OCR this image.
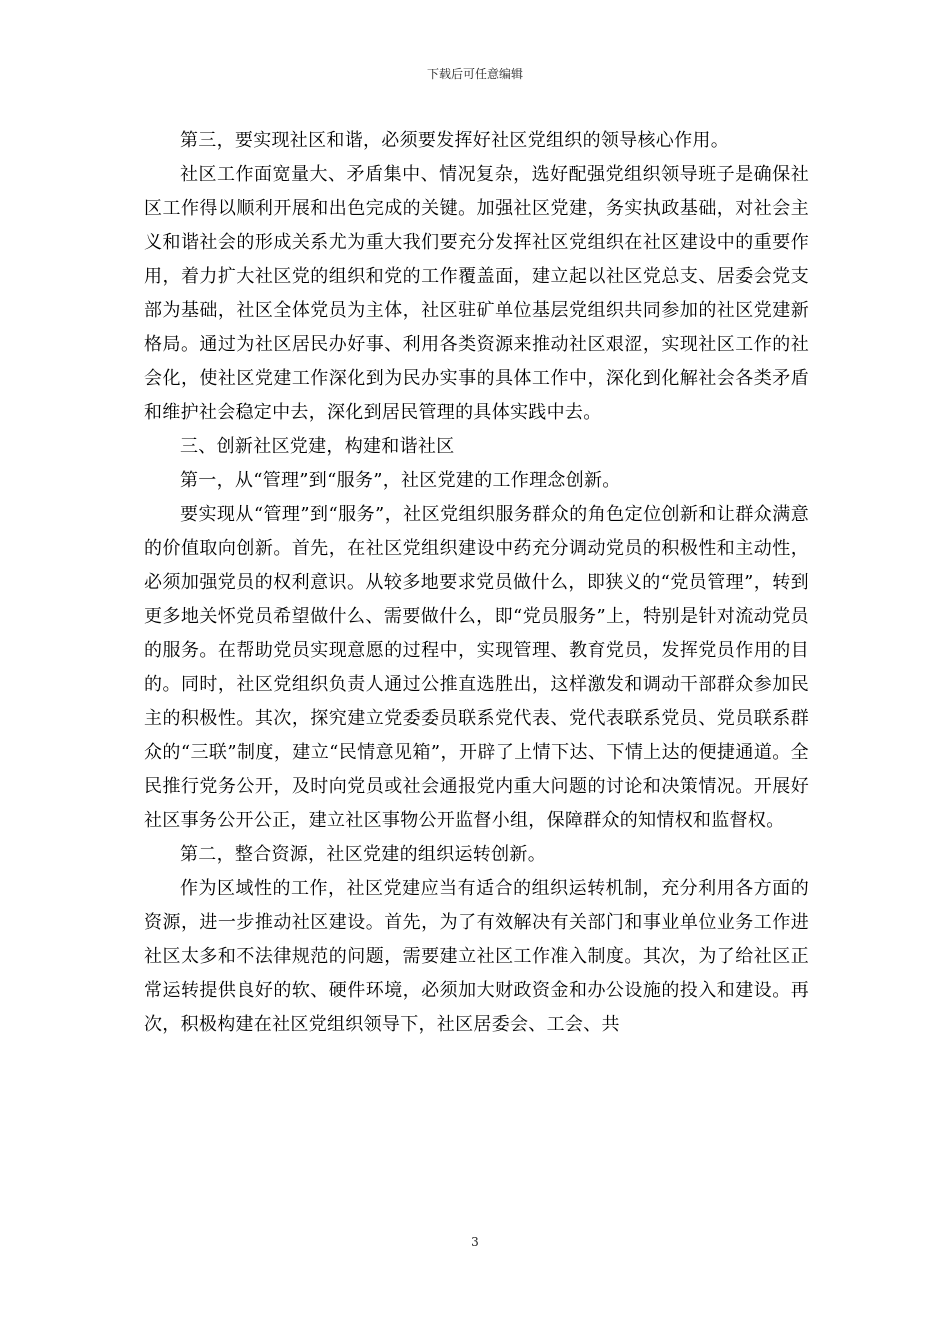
下载后可任意编辑

第三，要实现社区和谐，必须要发挥好社区党组织的领导核心作用。

社区工作面宽量大、矛盾集中、情况复杂，选好配强党组织领导班子是确保社区工作得以顺利开展和出色完成的关键。加强社区党建，务实执政基础，对社会主义和谐社会的形成关系尤为重大我们要充分发挥社区党组织在社区建设中的重要作用，着力扩大社区党的组织和党的工作覆盖面，建立起以社区党总支、居委会党支部为基础，社区全体党员为主体，社区驻矿单位基层党组织共同参加的社区党建新格局。通过为社区居民办好事、利用各类资源来推动社区艰涩，实现社区工作的社会化，使社区党建工作深化到为民办实事的具体工作中，深化到化解社会各类矛盾和维护社会稳定中去，深化到居民管理的具体实践中去。

三、创新社区党建，构建和谐社区

第一，从“管理”到“服务”，社区党建的工作理念创新。

要实现从“管理”到“服务”，社区党组织服务群众的角色定位创新和让群众满意的价值取向创新。首先，在社区党组织建设中药充分调动党员的积极性和主动性，必须加强党员的权利意识。从较多地要求党员做什么，即狭义的“党员管理”，转到更多地关怀党员希望做什么、需要做什么，即“党员服务”上，特别是针对流动党员的服务。在帮助党员实现意愿的过程中，实现管理、教育党员，发挥党员作用的目的。同时，社区党组织负责人通过公推直选胜出，这样激发和调动干部群众参加民主的积极性。其次，探究建立党委委员联系党代表、党代表联系党员、党员联系群众的“三联”制度，建立“民情意见箱”，开辟了上情下达、下情上达的便捷通道。全民推行党务公开，及时向党员或社会通报党内重大问题的讨论和决策情况。开展好社区事务公开公正，建立社区事物公开监督小组，保障群众的知情权和监督权。

第二，整合资源，社区党建的组织运转创新。

作为区域性的工作，社区党建应当有适合的组织运转机制，充分利用各方面的资源，进一步推动社区建设。首先，为了有效解决有关部门和事业单位业务工作进社区太多和不法律规范的问题，需要建立社区工作准入制度。其次，为了给社区正常运转提供良好的软、硬件环境，必须加大财政资金和办公设施的投入和建设。再次，积极构建在社区党组织领导下，社区居委会、工会、共

3
